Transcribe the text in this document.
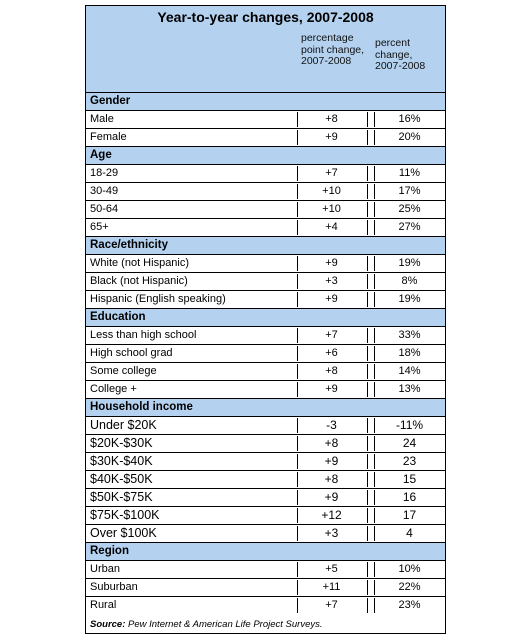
Year-to-year changes, 2007-2008
percentage point change, 2007-2008
percent change, 2007-2008
Gender
Male	+8	16%
Female	+9	20%
Age
18-29	+7	11%
30-49	+10	17%
50-64	+10	25%
65+	+4	27%
Race/ethnicity
White (not Hispanic)	+9	19%
Black (not Hispanic)	+3	8%
Hispanic (English speaking)	+9	19%
Education
Less than high school	+7	33%
High school grad	+6	18%
Some college	+8	14%
College +	+9	13%
Household income
Under $20K	-3	-11%
$20K-$30K	+8	24
$30K-$40K	+9	23
$40K-$50K	+8	15
$50K-$75K	+9	16
$75K-$100K	+12	17
Over $100K	+3	4
Region
Urban	+5	10%
Suburban	+11	22%
Rural	+7	23%
Source: Pew Internet & American Life Project Surveys.
